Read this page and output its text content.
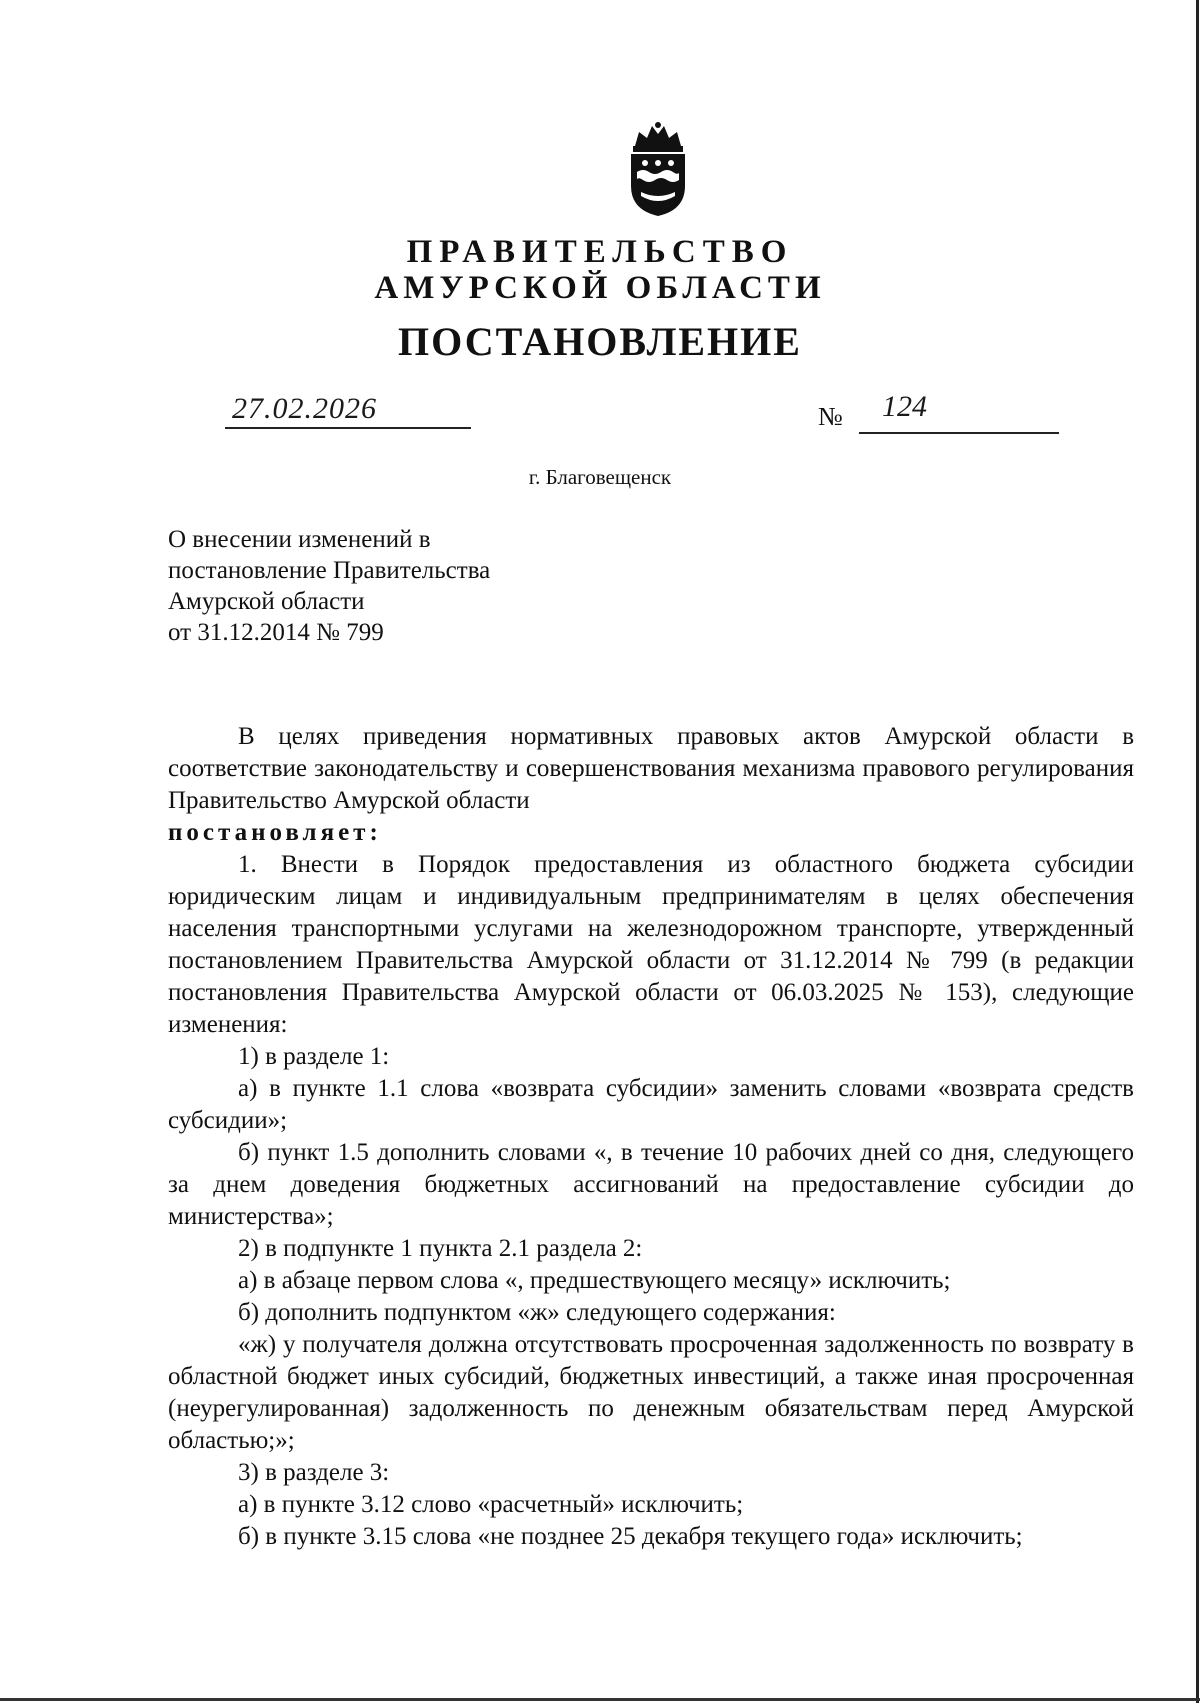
ПРАВИТЕЛЬСТВО
АМУРСКОЙ ОБЛАСТИ
ПОСТАНОВЛЕНИЕ
27.02.2026	№ 124
г. Благовещенск
О внесении изменений в
постановление Правительства
Амурской области
от 31.12.2014 № 799

В целях приведения нормативных правовых актов Амурской области в соответствие законодательству и совершенствования механизма правового регулирования Правительство Амурской области

постановляет:

1. Внести в Порядок предоставления из областного бюджета субсидии юридическим лицам и индивидуальным предпринимателям в целях обеспечения населения транспортными услугами на железнодорожном транспорте, утвержденный постановлением Правительства Амурской области от 31.12.2014 № 799 (в редакции постановления Правительства Амурской области от 06.03.2025 № 153), следующие изменения:

1) в разделе 1:

а) в пункте 1.1 слова «возврата субсидии» заменить словами «возврата средств субсидии»;

б) пункт 1.5 дополнить словами «, в течение 10 рабочих дней со дня, следующего за днем доведения бюджетных ассигнований на предоставление субсидии до министерства»;

2) в подпункте 1 пункта 2.1 раздела 2:

а) в абзаце первом слова «, предшествующего месяцу» исключить;

б) дополнить подпунктом «ж» следующего содержания:

«ж) у получателя должна отсутствовать просроченная задолженность по возврату в областной бюджет иных субсидий, бюджетных инвестиций, а также иная просроченная (неурегулированная) задолженность по денежным обязательствам перед Амурской областью;»;

3) в разделе 3:

а) в пункте 3.12 слово «расчетный» исключить;

б) в пункте 3.15 слова «не позднее 25 декабря текущего года» исключить;
